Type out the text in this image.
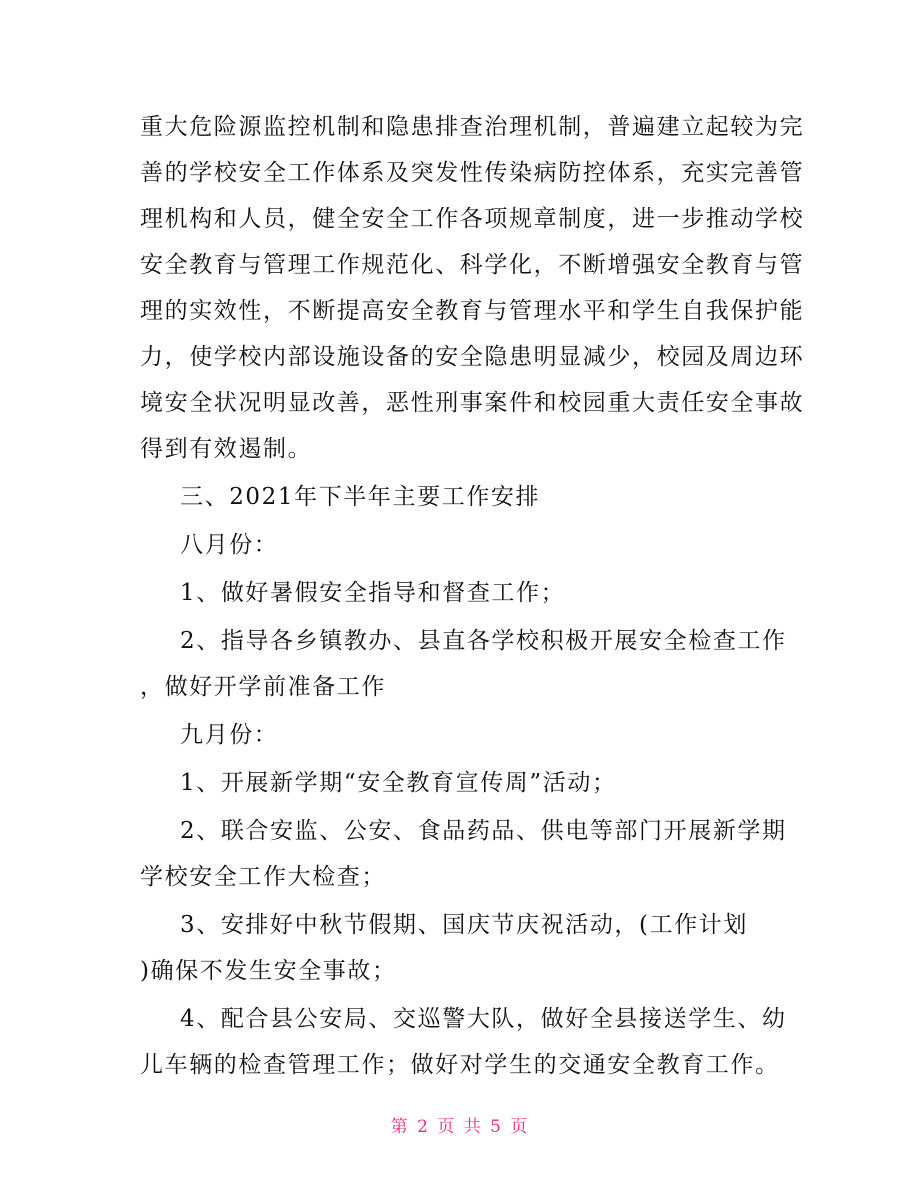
重大危险源监控机制和隐患排查治理机制，普遍建立起较为完
善的学校安全工作体系及突发性传染病防控体系，充实完善管
理机构和人员，健全安全工作各项规章制度，进一步推动学校
安全教育与管理工作规范化、科学化，不断增强安全教育与管
理的实效性，不断提高安全教育与管理水平和学生自我保护能
力，使学校内部设施设备的安全隐患明显减少，校园及周边环
境安全状况明显改善，恶性刑事案件和校园重大责任安全事故
得到有效遏制。
三、2021年下半年主要工作安排
八月份：
1、做好暑假安全指导和督查工作；
2、指导各乡镇教办、县直各学校积极开展安全检查工作
，做好开学前准备工作
九月份：
1、开展新学期“安全教育宣传周”活动；
2、联合安监、公安、食品药品、供电等部门开展新学期
学校安全工作大检查；
3、安排好中秋节假期、国庆节庆祝活动，(工作计划
)确保不发生安全事故；
4、配合县公安局、交巡警大队，做好全县接送学生、幼
儿车辆的检查管理工作；做好对学生的交通安全教育工作。
第 2 页 共 5 页
